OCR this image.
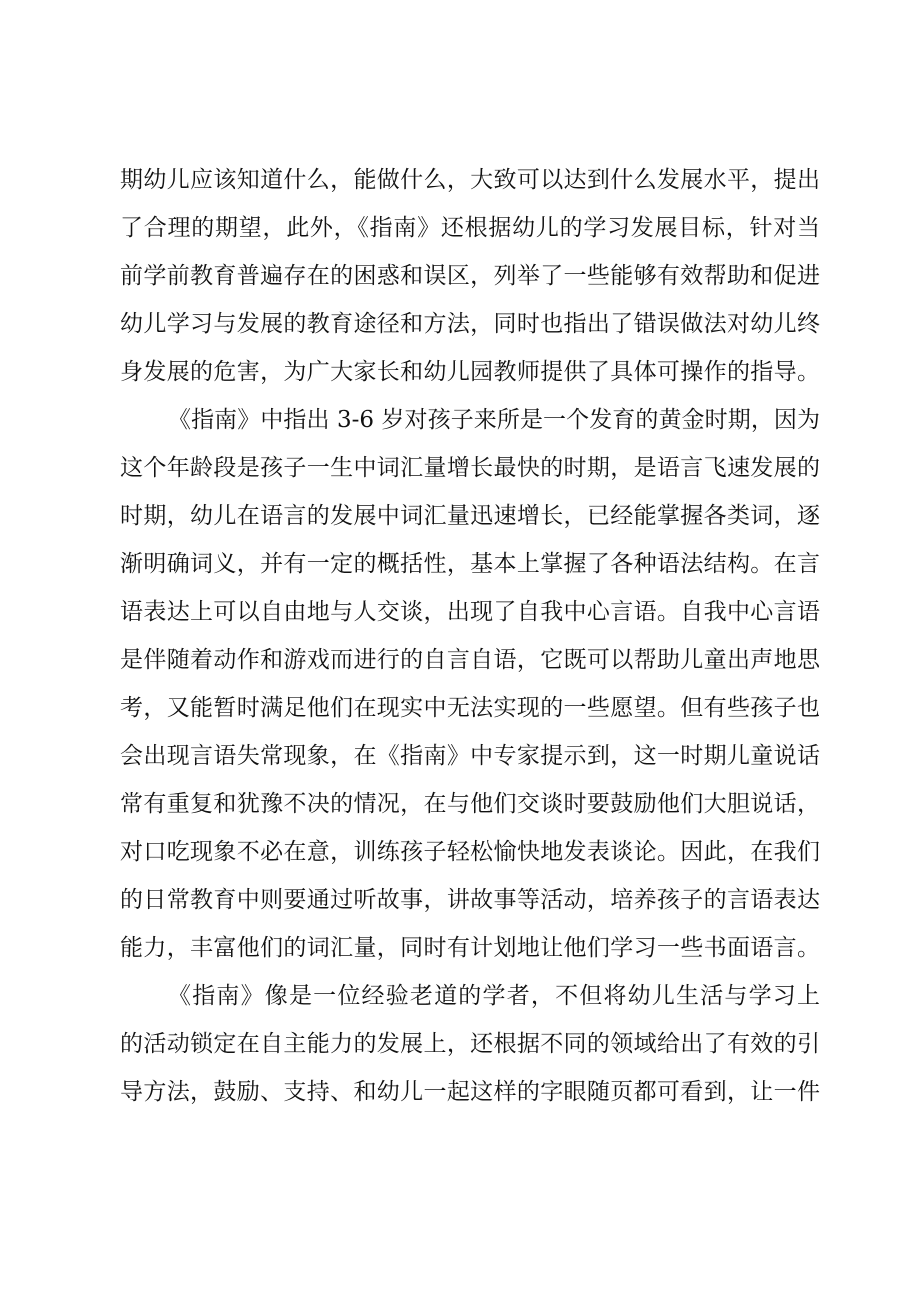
期幼儿应该知道什么，能做什么，大致可以达到什么发展水平，提出
了合理的期望，此外，《指南》还根据幼儿的学习发展目标，针对当
前学前教育普遍存在的困惑和误区，列举了一些能够有效帮助和促进
幼儿学习与发展的教育途径和方法，同时也指出了错误做法对幼儿终
身发展的危害，为广大家长和幼儿园教师提供了具体可操作的指导。
《指南》中指出 3-6 岁对孩子来所是一个发育的黄金时期，因为
这个年龄段是孩子一生中词汇量增长最快的时期，是语言飞速发展的
时期，幼儿在语言的发展中词汇量迅速增长，已经能掌握各类词，逐
渐明确词义，并有一定的概括性，基本上掌握了各种语法结构。在言
语表达上可以自由地与人交谈，出现了自我中心言语。自我中心言语
是伴随着动作和游戏而进行的自言自语，它既可以帮助儿童出声地思
考，又能暂时满足他们在现实中无法实现的一些愿望。但有些孩子也
会出现言语失常现象，在《指南》中专家提示到，这一时期儿童说话
常有重复和犹豫不决的情况，在与他们交谈时要鼓励他们大胆说话，
对口吃现象不必在意，训练孩子轻松愉快地发表谈论。因此，在我们
的日常教育中则要通过听故事，讲故事等活动，培养孩子的言语表达
能力，丰富他们的词汇量，同时有计划地让他们学习一些书面语言。
《指南》像是一位经验老道的学者，不但将幼儿生活与学习上
的活动锁定在自主能力的发展上，还根据不同的领域给出了有效的引
导方法，鼓励、支持、和幼儿一起这样的字眼随页都可看到，让一件
